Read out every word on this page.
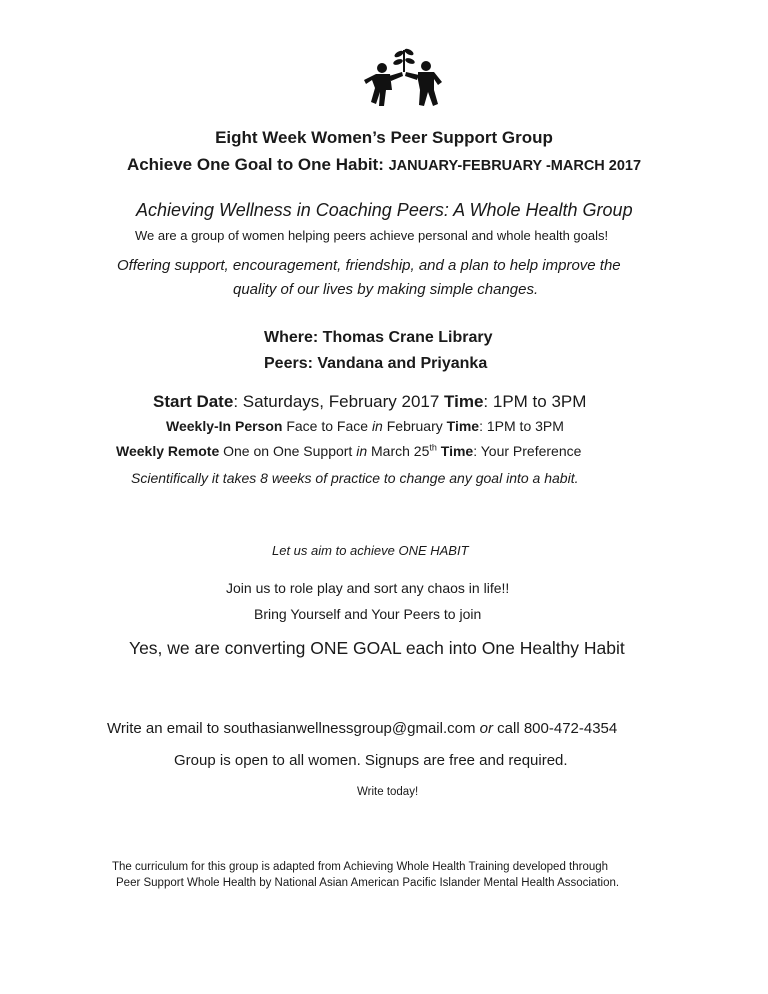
Eight Week Women’s Peer Support Group
Achieve One Goal to One Habit: JANUARY-FEBRUARY -MARCH 2017
Achieving Wellness in Coaching Peers: A Whole Health Group
We are a group of women helping peers achieve personal and whole health goals!
Offering support, encouragement, friendship, and a plan to help improve the
quality of our lives by making simple changes.
Where: Thomas Crane Library
Peers: Vandana and Priyanka
Start Date: Saturdays, February 2017 Time: 1PM to 3PM
Weekly-In Person Face to Face in February Time: 1PM to 3PM
Weekly Remote One on One Support in March 25th Time: Your Preference
Scientifically it takes 8 weeks of practice to change any goal into a habit.
Let us aim to achieve ONE HABIT
Join us to role play and sort any chaos in life!!
Bring Yourself and Your Peers to join
Yes, we are converting ONE GOAL each into One Healthy Habit
Write an email to southasianwellnessgroup@gmail.com or call 800-472-4354
Group is open to all women. Signups are free and required.
Write today!
The curriculum for this group is adapted from Achieving Whole Health Training developed through
Peer Support Whole Health by National Asian American Pacific Islander Mental Health Association.
